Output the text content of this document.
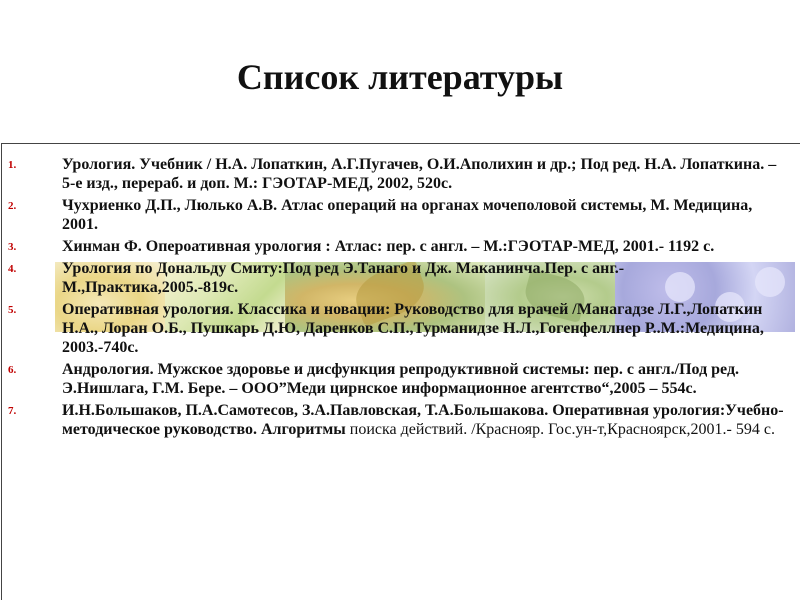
Список литературы
1.	Урология. Учебник / Н.А. Лопаткин, А.Г.Пугачев, О.И.Аполихин и др.; Под ред. Н.А. Лопаткина. –5-е изд., перераб. и доп. М.: ГЭОТАР-МЕД, 2002, 520с.
2.	Чухриенко Д.П., Люлько А.В. Атлас операций на органах мочеполовой системы, М. Медицина, 2001.
3.	Хинман Ф. Опероативная урология : Атлас: пер. с англ. – М.:ГЭОТАР-МЕД, 2001.- 1192 с.
4.	Урология по Дональду Смиту:Под ред Э.Танаго и Дж. Маканинча.Пер. с анг.-М.,Практика,2005.-819с.
5.	Оперативная урология. Классика и новации: Руководство для врачей /Манагадзе Л.Г.,Лопаткин Н.А., Лоран О.Б., Пушкарь Д.Ю, Даренков С.П.,Турманидзе Н.Л.,Гогенфеллнер Р..М.:Медицина, 2003.-740с.
6.	Андрология. Мужское здоровье и дисфункция репродуктивной системы: пер. с англ./Под ред. Э.Нишлага, Г.М. Бере. – ООО”Меди цирнское информационное агентство“,2005 – 554с.
7.	И.Н.Большаков, П.А.Самотесов, З.А.Павловская, Т.А.Большакова. Оперативная урология:Учебно-методическое руководство. Алгоритмы поиска действий. /Краснояр. Гос.ун-т,Красноярск,2001.- 594 с.
